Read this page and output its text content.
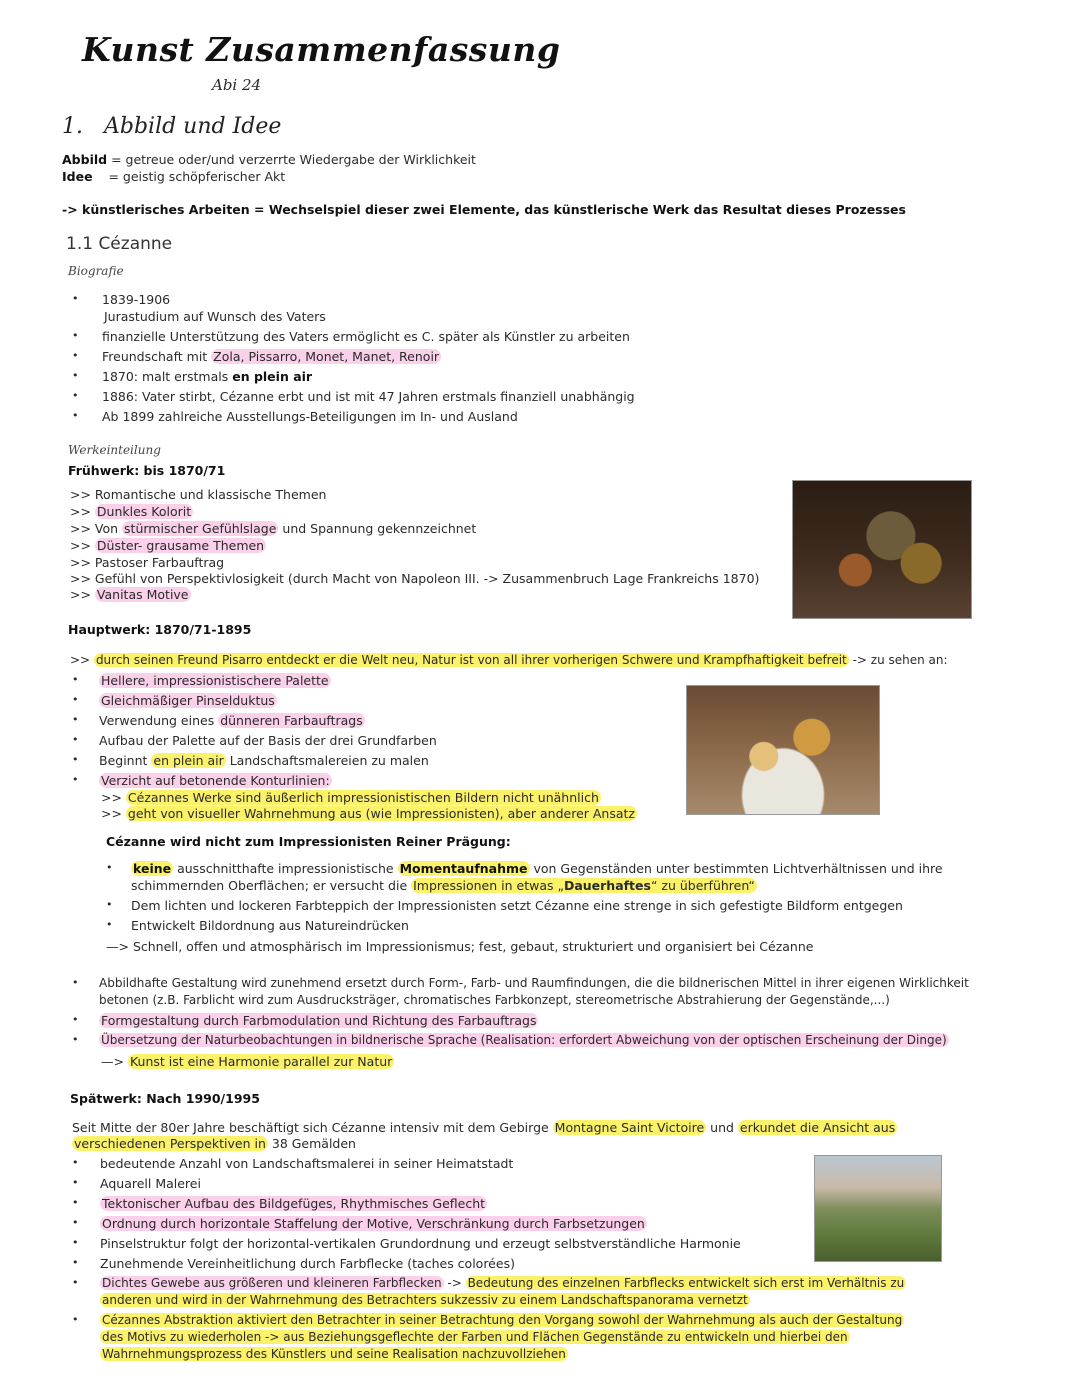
Kunst Zusammenfassung
Abi 24
1. Abbild und Idee
Abbild = getreue oder/und verzerrte Wiedergabe der Wirklichkeit
Idee = geistig schöpferischer Akt
-> künstlerisches Arbeiten = Wechselspiel dieser zwei Elemente, das künstlerische Werk das Resultat dieses Prozesses
1.1 Cézanne
Biografie
• 1839-1906
Jurastudium auf Wunsch des Vaters
• finanzielle Unterstützung des Vaters ermöglicht es C. später als Künstler zu arbeiten
• Freundschaft mit Zola, Pissarro, Monet, Manet, Renoir
• 1870: malt erstmals en plein air
• 1886: Vater stirbt, Cézanne erbt und ist mit 47 Jahren erstmals finanziell unabhängig
• Ab 1899 zahlreiche Ausstellungs-Beteiligungen im In- und Ausland
Werkeinteilung
Frühwerk: bis 1870/71
>> Romantische und klassische Themen
>> Dunkles Kolorit
>> Von stürmischer Gefühlslage und Spannung gekennzeichnet
>> Düster- grausame Themen
>> Pastoser Farbauftrag
>> Gefühl von Perspektivlosigkeit (durch Macht von Napoleon III. -> Zusammenbruch Lage Frankreichs 1870)
>> Vanitas Motive
Hauptwerk: 1870/71-1895
>> durch seinen Freund Pisarro entdeckt er die Welt neu, Natur ist von all ihrer vorherigen Schwere und Krampfhaftigkeit befreit -> zu sehen an:
• Hellere, impressionistischere Palette
• Gleichmäßiger Pinselduktus
• Verwendung eines dünneren Farbauftrags
• Aufbau der Palette auf der Basis der drei Grundfarben
• Beginnt en plein air Landschaftsmalereien zu malen
• Verzicht auf betonende Konturlinien:
>> Cézannes Werke sind äußerlich impressionistischen Bildern nicht unähnlich
>> geht von visueller Wahrnehmung aus (wie Impressionisten), aber anderer Ansatz
Cézanne wird nicht zum Impressionisten Reiner Prägung:
• keine ausschnitthafte impressionistische Momentaufnahme von Gegenständen unter bestimmten Lichtverhältnissen und ihre
schimmernden Oberflächen; er versucht die Impressionen in etwas „Dauerhaftes“ zu überführen“
• Dem lichten und lockeren Farbteppich der Impressionisten setzt Cézanne eine strenge in sich gefestigte Bildform entgegen
• Entwickelt Bildordnung aus Natureindrücken
—> Schnell, offen und atmosphärisch im Impressionismus; fest, gebaut, strukturiert und organisiert bei Cézanne
• Abbildhafte Gestaltung wird zunehmend ersetzt durch Form-, Farb- und Raumfindungen, die die bildnerischen Mittel in ihrer eigenen Wirklichkeit
betonen (z.B. Farblicht wird zum Ausdrucksträger, chromatisches Farbkonzept, stereometrische Abstrahierung der Gegenstände,...)
• Formgestaltung durch Farbmodulation und Richtung des Farbauftrags
• Übersetzung der Naturbeobachtungen in bildnerische Sprache (Realisation: erfordert Abweichung von der optischen Erscheinung der Dinge)
—> Kunst ist eine Harmonie parallel zur Natur
Spätwerk: Nach 1990/1995
Seit Mitte der 80er Jahre beschäftigt sich Cézanne intensiv mit dem Gebirge Montagne Saint Victoire und erkundet die Ansicht aus
verschiedenen Perspektiven in 38 Gemälden
• bedeutende Anzahl von Landschaftsmalerei in seiner Heimatstadt
• Aquarell Malerei
• Tektonischer Aufbau des Bildgefüges, Rhythmisches Geflecht
• Ordnung durch horizontale Staffelung der Motive, Verschränkung durch Farbsetzungen
• Pinselstruktur folgt der horizontal-vertikalen Grundordnung und erzeugt selbstverständliche Harmonie
• Zunehmende Vereinheitlichung durch Farbflecke (taches colorées)
• Dichtes Gewebe aus größeren und kleineren Farbflecken -> Bedeutung des einzelnen Farbflecks entwickelt sich erst im Verhältnis zu
anderen und wird in der Wahrnehmung des Betrachters sukzessiv zu einem Landschaftspanorama vernetzt
• Cézannes Abstraktion aktiviert den Betrachter in seiner Betrachtung den Vorgang sowohl der Wahrnehmung als auch der Gestaltung
des Motivs zu wiederholen -> aus Beziehungsgeflechte der Farben und Flächen Gegenstände zu entwickeln und hierbei den
Wahrnehmungsprozess des Künstlers und seine Realisation nachzuvollziehen
